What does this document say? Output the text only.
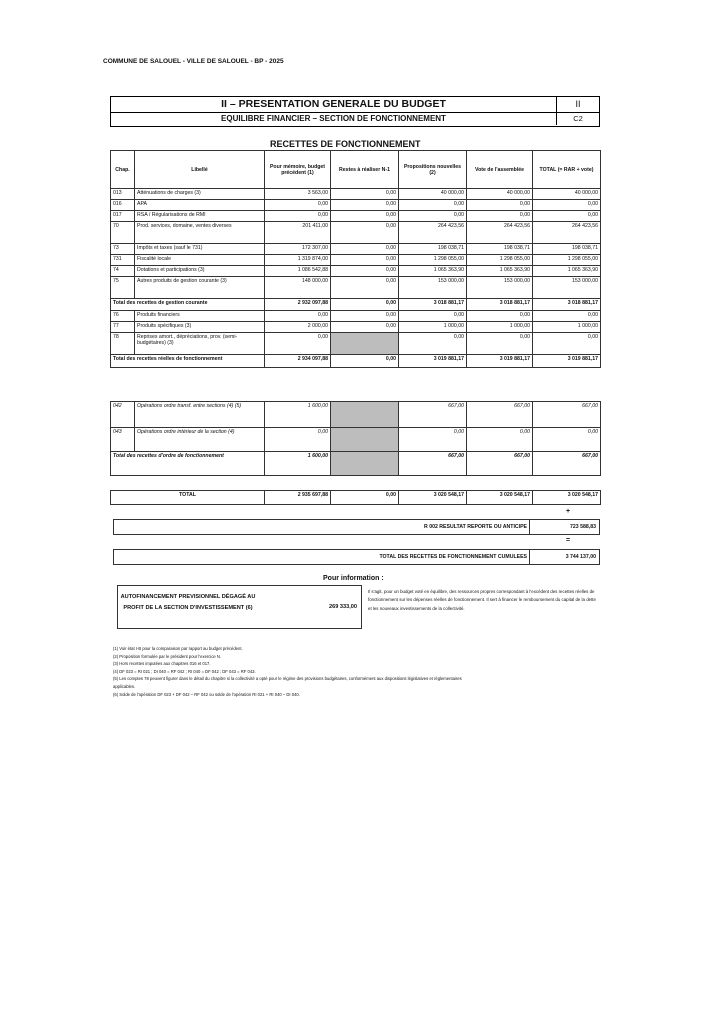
COMMUNE DE SALOUEL - VILLE DE SALOUEL - BP - 2025
II – PRESENTATION GENERALE DU BUDGET	II
EQUILIBRE FINANCIER – SECTION DE FONCTIONNEMENT	C2
RECETTES DE FONCTIONNEMENT
Chap.	Libellé	Pour mémoire, budget précédent (1)	Restes à réaliser N-1	Propositions nouvelles (2)	Vote de l'assemblée	TOTAL (= RAR + vote)
013	Atténuations de charges (3)	3 563,00	0,00	40 000,00	40 000,00	40 000,00
016	APA	0,00	0,00	0,00	0,00	0,00
017	RSA / Régularisations de RMI	0,00	0,00	0,00	0,00	0,00
70	Prod. services, domaine, ventes diverses	201 411,00	0,00	264 423,56	264 423,56	264 423,56
73	Impôts et taxes (sauf le 731)	172 307,00	0,00	198 038,71	198 038,71	198 038,71
731	Fiscalité locale	1 319 874,00	0,00	1 298 055,00	1 298 055,00	1 298 055,00
74	Dotations et participations (3)	1 086 542,88	0,00	1 065 363,90	1 065 363,90	1 065 363,90
75	Autres produits de gestion courante (3)	148 000,00	0,00	153 000,00	153 000,00	153 000,00
Total des recettes de gestion courante		2 932 097,88	0,00	3 018 881,17	3 018 881,17	3 018 881,17
76	Produits financiers	0,00	0,00	0,00	0,00	0,00
77	Produits spécifiques (3)	2 000,00	0,00	1 000,00	1 000,00	1 000,00
78	Reprises amort., dépréciations, prov. (semi-budgétaires) (3)	0,00		0,00	0,00	0,00
Total des recettes réelles de fonctionnement		2 934 097,88	0,00	3 019 881,17	3 019 881,17	3 019 881,17
042	Opérations ordre transf. entre sections (4) (5)	1 600,00		667,00	667,00	667,00
043	Opérations ordre intérieur de la section (4)	0,00		0,00	0,00	0,00
Total des recettes d'ordre de fonctionnement		1 600,00		667,00	667,00	667,00
TOTAL	2 935 697,88	0,00	3 020 548,17	3 020 548,17	3 020 548,17
+
R 002 RESULTAT REPORTE OU ANTICIPE	723 588,83
=
TOTAL DES RECETTES DE FONCTIONNEMENT CUMULEES	3 744 137,00
Pour information :
AUTOFINANCEMENT PREVISIONNEL DÉGAGÉ AU PROFIT DE LA SECTION D'INVESTISSEMENT (6)	269 333,00
Il s'agit, pour un budget voté en équilibre, des ressources propres correspondant à l'excédent des recettes réelles de fonctionnement sur les dépenses réelles de fonctionnement. Il sert à financer le remboursement du capital de la dette et les nouveaux investissements de la collectivité.
(1) Voir état I-B pour la comparaison par rapport au budget précédent.
(2) Proposition formulée par le président pour l'exercice N.
(3) Hors recettes imputées aux chapitres 016 et 017.
(4) DF 023 = RI 021 ; DI 040 = RF 042 ; RI 040 = DF 042 ; DF 043 = RF 043.
(5) Les comptes 78 peuvent figurer dans le détail du chapitre si la collectivité a opté pour le régime des provisions budgétaires, conformément aux dispositions législatives et réglementaires
applicables.
(6) Solde de l'opération DF 023 + DF 042 – RF 042 ou solde de l'opération RI 021 + RI 040 – DI 040.
